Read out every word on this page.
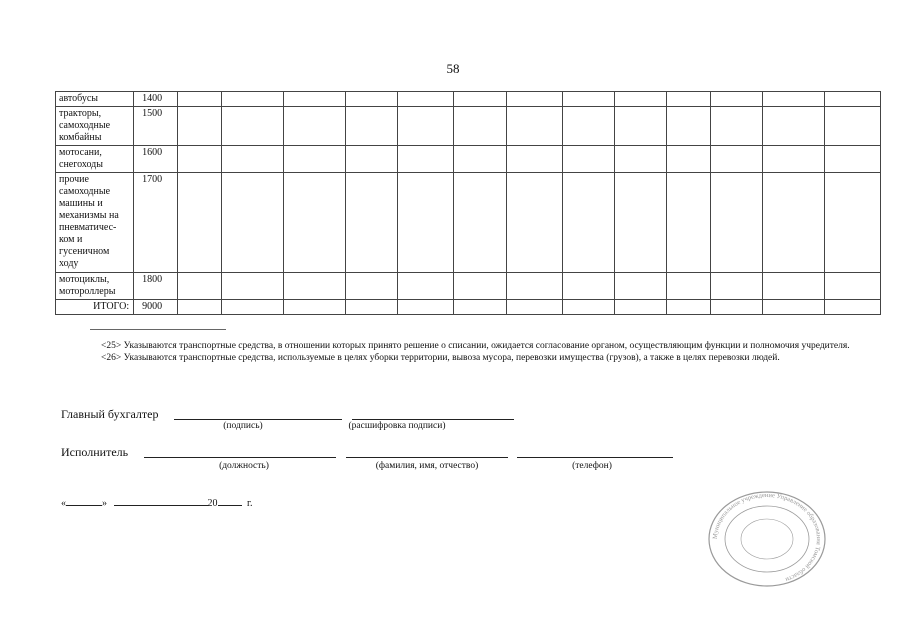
58
автобусы	1400													
тракторы, самоходные комбайны	1500													
мотосани, снегоходы	1600													
прочие самоходные машины и механизмы на пневматичес-ком и гусеничном ходу	1700													
мотоциклы, мотороллеры	1800													
ИТОГО:	9000													

<25> Указываются транспортные средства, в отношении которых принято решение о списании, ожидается согласование органом, осуществляющим функции и полномочия учредителя.

<26> Указываются транспортные средства, используемые в целях уборки территории, вывоза мусора, перевозки имущества (грузов), а также в целях перевозки людей.

Главный бухгалтер
(подпись)	(расшифровка подписи)
Исполнитель
(должность)	(фамилия, имя, отчество)	(телефон)
«	»	20	г.
Муниципальное учреждение Управление образования Томской области
